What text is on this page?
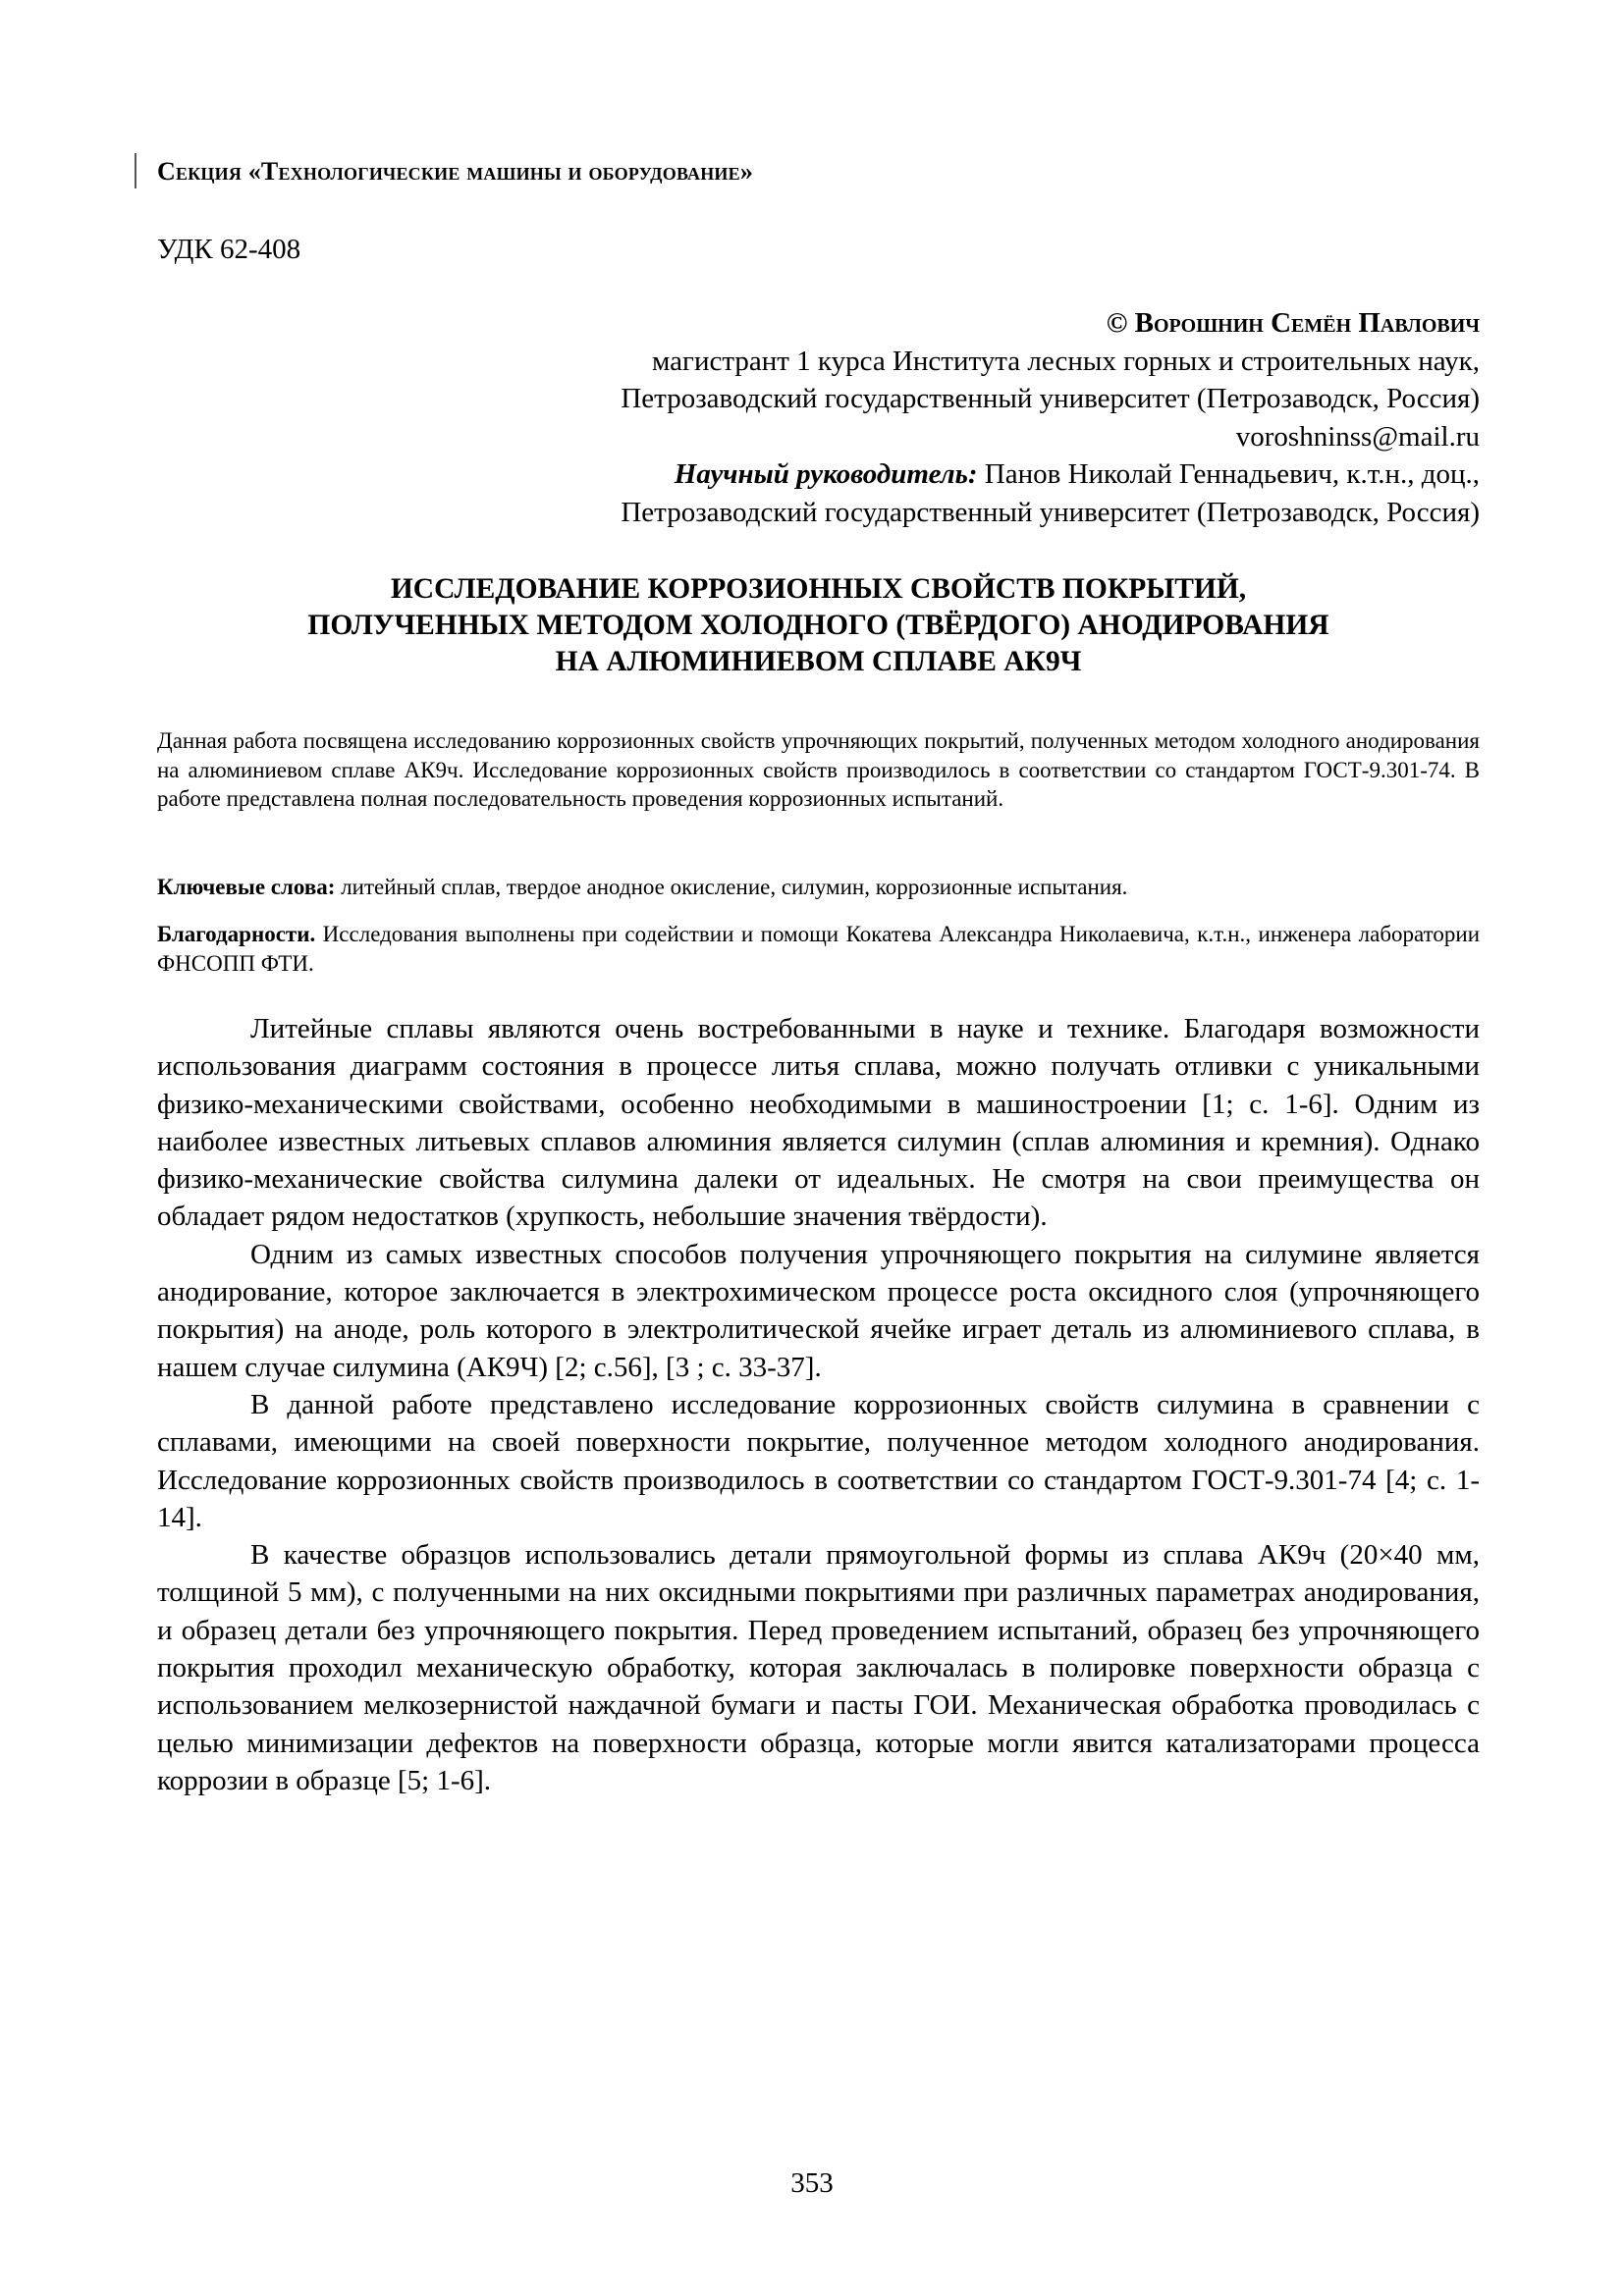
Секция «Технологические машины и оборудование»
УДК 62-408
© Ворошнин Семён Павлович
магистрант 1 курса Института лесных горных и строительных наук,
Петрозаводский государственный университет (Петрозаводск, Россия)
voroshninss@mail.ru
Научный руководитель: Панов Николай Геннадьевич, к.т.н., доц.,
Петрозаводский государственный университет (Петрозаводск, Россия)
ИССЛЕДОВАНИЕ КОРРОЗИОННЫХ СВОЙСТВ ПОКРЫТИЙ,
ПОЛУЧЕННЫХ МЕТОДОМ ХОЛОДНОГО (ТВЁРДОГО) АНОДИРОВАНИЯ
НА АЛЮМИНИЕВОМ СПЛАВЕ АК9Ч
Данная работа посвящена исследованию коррозионных свойств упрочняющих покрытий, полученных методом холодного анодирования на алюминиевом сплаве АК9ч. Исследование коррозионных свойств производилось в соответствии со стандартом ГОСТ-9.301-74. В работе представлена полная последовательность проведения коррозионных испытаний.
Ключевые слова: литейный сплав, твердое анодное окисление, силумин, коррозионные испытания.
Благодарности. Исследования выполнены при содействии и помощи Кокатева Александра Николаевича, к.т.н., инженера лаборатории ФНСОПП ФТИ.

Литейные сплавы являются очень востребованными в науке и технике. Благодаря возможности использования диаграмм состояния в процессе литья сплава, можно получать отливки с уникальными физико-механическими свойствами, особенно необходимыми в машиностроении [1; с. 1-6]. Одним из наиболее известных литьевых сплавов алюминия является силумин (сплав алюминия и кремния). Однако физико-механические свойства силумина далеки от идеальных. Не смотря на свои преимущества он обладает рядом недостатков (хрупкость, небольшие значения твёрдости).

Одним из самых известных способов получения упрочняющего покрытия на силумине является анодирование, которое заключается в электрохимическом процессе роста оксидного слоя (упрочняющего покрытия) на аноде, роль которого в электролитической ячейке играет деталь из алюминиевого сплава, в нашем случае силумина (АК9Ч) [2; с.56], [3 ; с. 33-37].

В данной работе представлено исследование коррозионных свойств силумина в сравнении с сплавами, имеющими на своей поверхности покрытие, полученное методом холодного анодирования. Исследование коррозионных свойств производилось в соответствии со стандартом ГОСТ-9.301-74 [4; с. 1-14].

В качестве образцов использовались детали прямоугольной формы из сплава АК9ч (20×40 мм, толщиной 5 мм), с полученными на них оксидными покрытиями при различных параметрах анодирования, и образец детали без упрочняющего покрытия. Перед проведением испытаний, образец без упрочняющего покрытия проходил механическую обработку, которая заключалась в полировке поверхности образца с использованием мелкозернистой наждачной бумаги и пасты ГОИ. Механическая обработка проводилась с целью минимизации дефектов на поверхности образца, которые могли явится катализаторами процесса коррозии в образце [5; 1-6].

353
